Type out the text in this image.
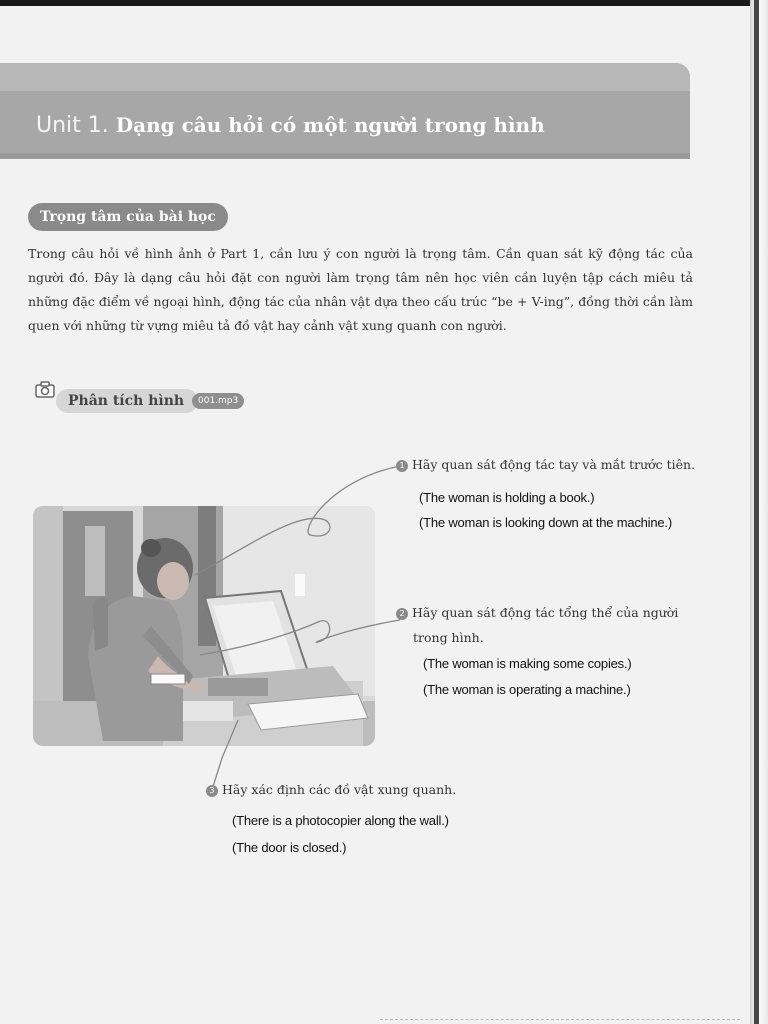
Unit 1. Dạng câu hỏi có một người trong hình
Trọng tâm của bài học
Trong câu hỏi về hình ảnh ở Part 1, cần lưu ý con người là trọng tâm. Cần quan sát kỹ động tác của người đó. Đây là dạng câu hỏi đặt con người làm trọng tâm nên học viên cần luyện tập cách miêu tả những đặc điểm về ngoại hình, động tác của nhân vật dựa theo cấu trúc “be + V-ing”, đồng thời cần làm quen với những từ vựng miêu tả đồ vật hay cảnh vật xung quanh con người.
Phân tích hình	001.mp3
1 Hãy quan sát động tác tay và mắt trước tiên.
(The woman is holding a book.)
(The woman is looking down at the machine.)
2 Hãy quan sát động tác tổng thể của người
trong hình.
(The woman is making some copies.)
(The woman is operating a machine.)
3 Hãy xác định các đồ vật xung quanh.
(There is a photocopier along the wall.)
(The door is closed.)
